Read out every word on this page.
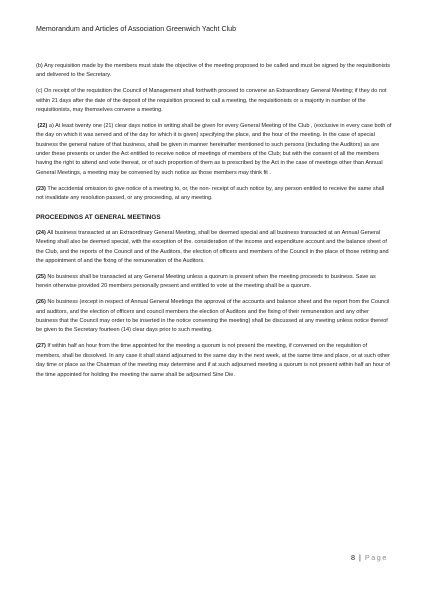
Memorandum and Articles of Association Greenwich Yacht Club

(b) Any requisition made by the members must state the objective of the meeting proposed to be called and must be signed by the requisitionists and delivered to the Secretary.

(c) On receipt of the requisition the Council of Management shall forthwith proceed to convene an Extraordinary General Meeting; if they do not within 21 days after the date of the deposit of the requisition proceed to call a meeting, the requisitionists or a majority in number of the requisitionists, may themselves convene a meeting.

(22) a) At least twenty one (21) clear days notice in writing shall be given for every General Meeting of the Club , (exclusive in every case both of the day on which it was served and of the day for which it is given) specifying the place, and the hour of the meeting. In the case of special business the general nature of that business, shall be given in manner hereinafter mentioned to such persons (including the Auditors) as are under these presents or under the Act entitled to receive notice of meetings of members of the Club; but with the consent of all the members having the right to attend and vote thereat, or of such proportion of them as is prescribed by the Act in the case of meetings other than Annual General Meetings, a meeting may be convened by such notice as those members may think fit .

(23) The accidental omission to give notice of a meeting to, or, the non- receipt of such notice by, any person entitled to receive the same shall not invalidate any resolution passed, or any proceeding, at any meeting.

PROCEEDINGS AT GENERAL MEETINGS

(24) All business transacted at an Extraordinary General Meeting, shall be deemed special and all business transacted at an Annual General Meeting shall also be deemed special, with the exception of the. consideration of the income and expenditure account and the balance sheet of the Club, and the reports of the Council and of the Auditors, the election of officers and members of the Council in the place of those retiring and the appointment of and the fixing of the remuneration of the Auditors.

(25) No business shall be transacted at any General Meeting unless a quorum is present when the meeting proceeds to business. Save as herein otherwise provided 20 members personally present and entitled to vote at the meeting shall be a quorum.

(26) No business (except in respect of Annual General Meetings the approval of the accounts and balance sheet and the report from the Council and auditors, and the election of officers and council members the election of Auditors and the fixing of their remuneration and any other business that the Council may order to be inserted in the notice convening the meeting) shall be discussed at any meeting unless notice thereof be given to the Secretary fourteen (14) clear days prior to such meeting.

(27) If within half an hour from the time appointed for the meeting a quorum is not present the meeting, if convened on the requisition of members, shall be dissolved. In any case it shall stand adjourned to the same day in the next week, at the same time and place, or at such other day time or place as the Chairman of the meeting may determine and if at such adjourned meeting a quorum is not present within half an hour of the time appointed for holding the meeting the same shall be adjourned Sine Die.

8 | Page
